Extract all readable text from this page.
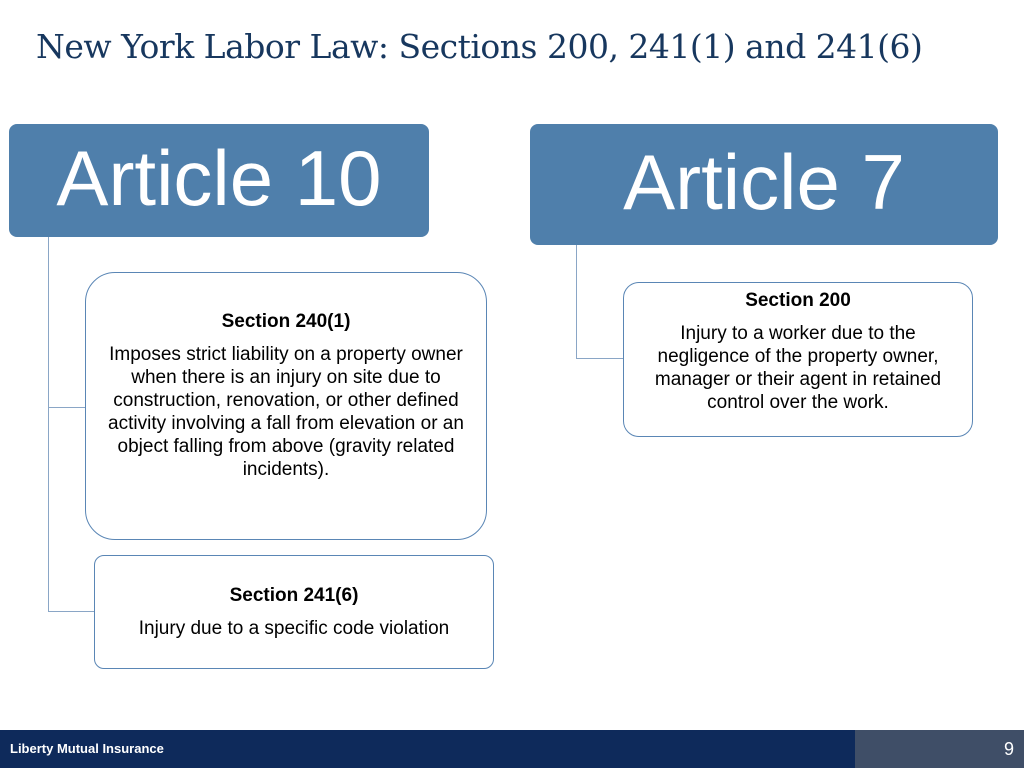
New York Labor Law: Sections 200, 241(1) and 241(6)
Article 10
Section 240(1)
Imposes strict liability on a property owner when there is an injury on site due to construction, renovation, or other defined activity involving a fall from elevation or an object falling from above (gravity related incidents).
Section 241(6)
Injury due to a specific code violation
Article 7
Section 200
Injury to a worker due to the negligence of the property owner, manager or their agent in retained control over the work.
Liberty Mutual Insurance	9
